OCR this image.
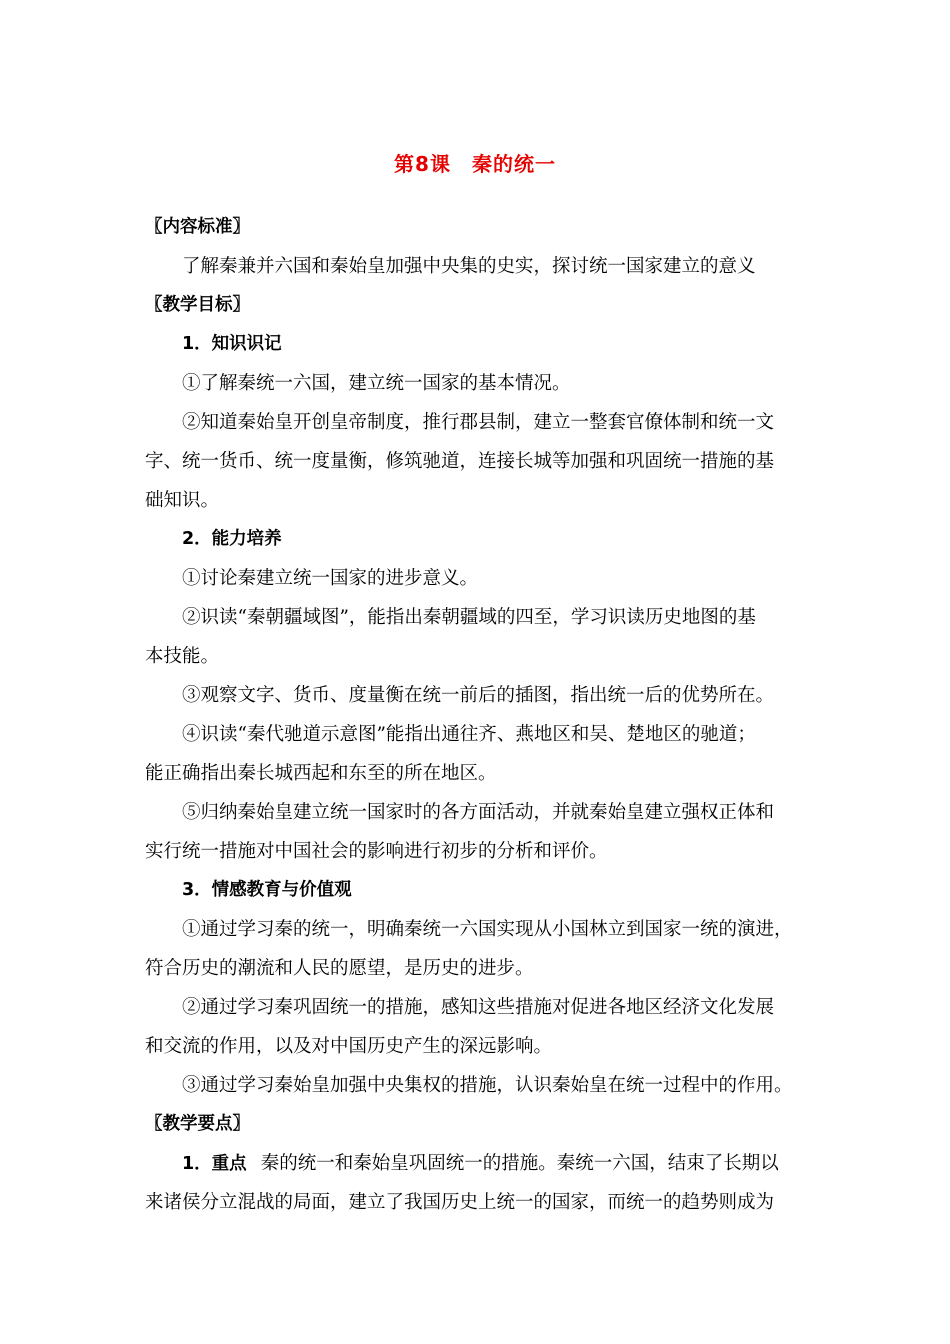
第8课　秦的统一
〖内容标准〗
了解秦兼并六国和秦始皇加强中央集的史实，探讨统一国家建立的意义
〖教学目标〗
1．知识识记
①了解秦统一六国，建立统一国家的基本情况。
②知道秦始皇开创皇帝制度，推行郡县制，建立一整套官僚体制和统一文
字、统一货币、统一度量衡，修筑驰道，连接长城等加强和巩固统一措施的基
础知识。
2．能力培养
①讨论秦建立统一国家的进步意义。
②识读“秦朝疆域图”，能指出秦朝疆域的四至，学习识读历史地图的基
本技能。
③观察文字、货币、度量衡在统一前后的插图，指出统一后的优势所在。
④识读“秦代驰道示意图”能指出通往齐、燕地区和吴、楚地区的驰道；
能正确指出秦长城西起和东至的所在地区。
⑤归纳秦始皇建立统一国家时的各方面活动，并就秦始皇建立强权正体和
实行统一措施对中国社会的影响进行初步的分析和评价。
3．情感教育与价值观
①通过学习秦的统一，明确秦统一六国实现从小国林立到国家一统的演进，
符合历史的潮流和人民的愿望，是历史的进步。
②通过学习秦巩固统一的措施，感知这些措施对促进各地区经济文化发展
和交流的作用，以及对中国历史产生的深远影响。
③通过学习秦始皇加强中央集权的措施，认识秦始皇在统一过程中的作用。
〖教学要点〗
1．重点 秦的统一和秦始皇巩固统一的措施。秦统一六国，结束了长期以
来诸侯分立混战的局面，建立了我国历史上统一的国家，而统一的趋势则成为
